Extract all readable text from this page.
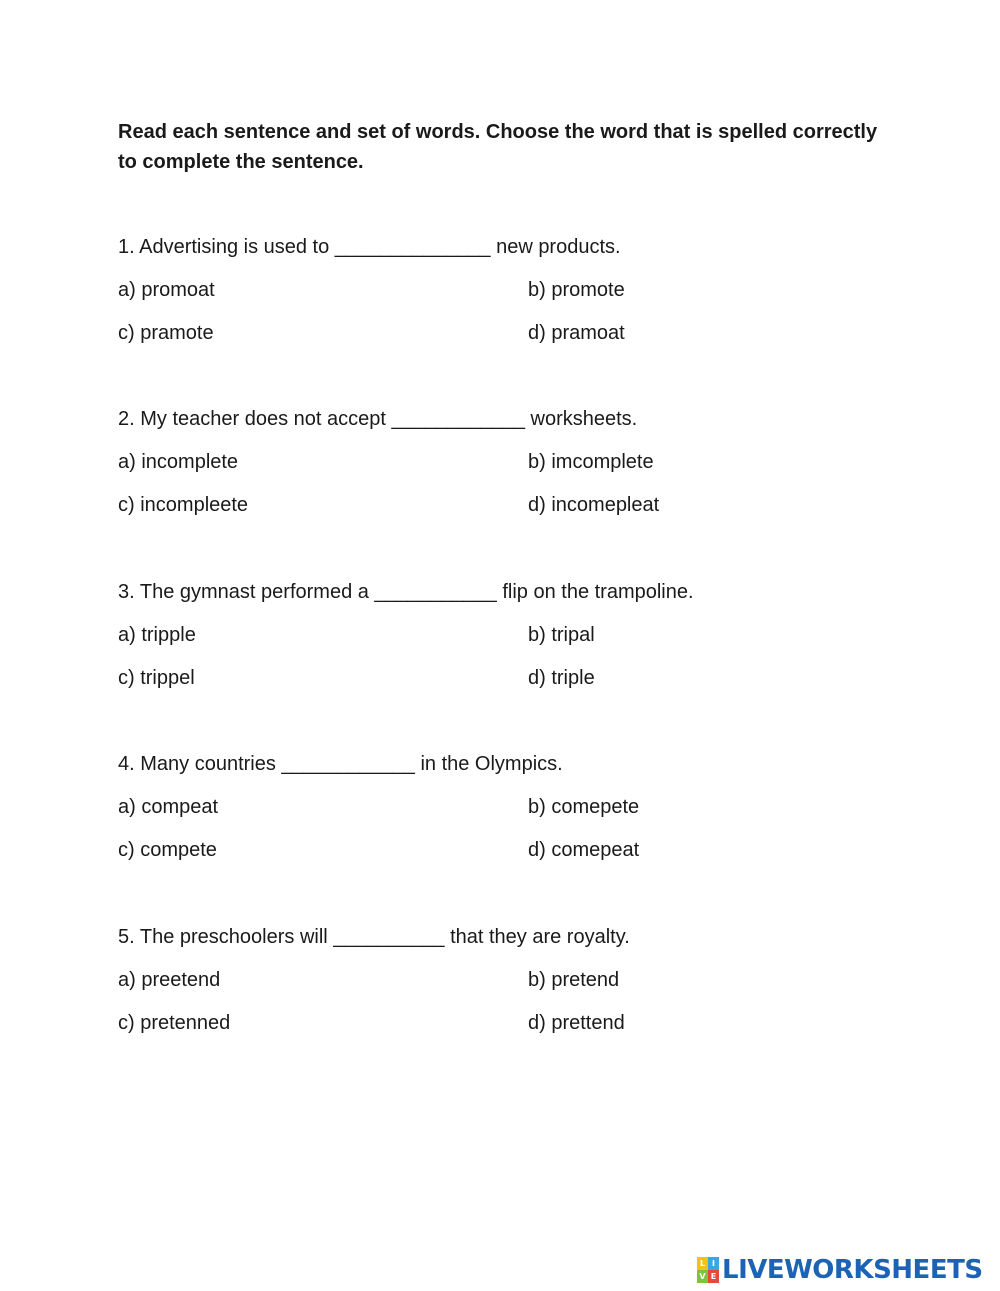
Read each sentence and set of words. Choose the word that is spelled correctly to complete the sentence.
1. Advertising is used to ______________ new products.
a) promoat	b) promote
c) pramote	d) pramoat
2. My teacher does not accept ____________ worksheets.
a) incomplete	b) imcomplete
c) incompleete	d) incomepleat
3. The gymnast performed a ___________ flip on the trampoline.
a) tripple	b) tripal
c) trippel	d) triple
4. Many countries ____________ in the Olympics.
a) compeat	b) comepete
c) compete	d) comepeat
5. The preschoolers will __________ that they are royalty.
a) preetend	b) pretend
c) pretenned	d) prettend
L I
V E LIVEWORKSHEETS
